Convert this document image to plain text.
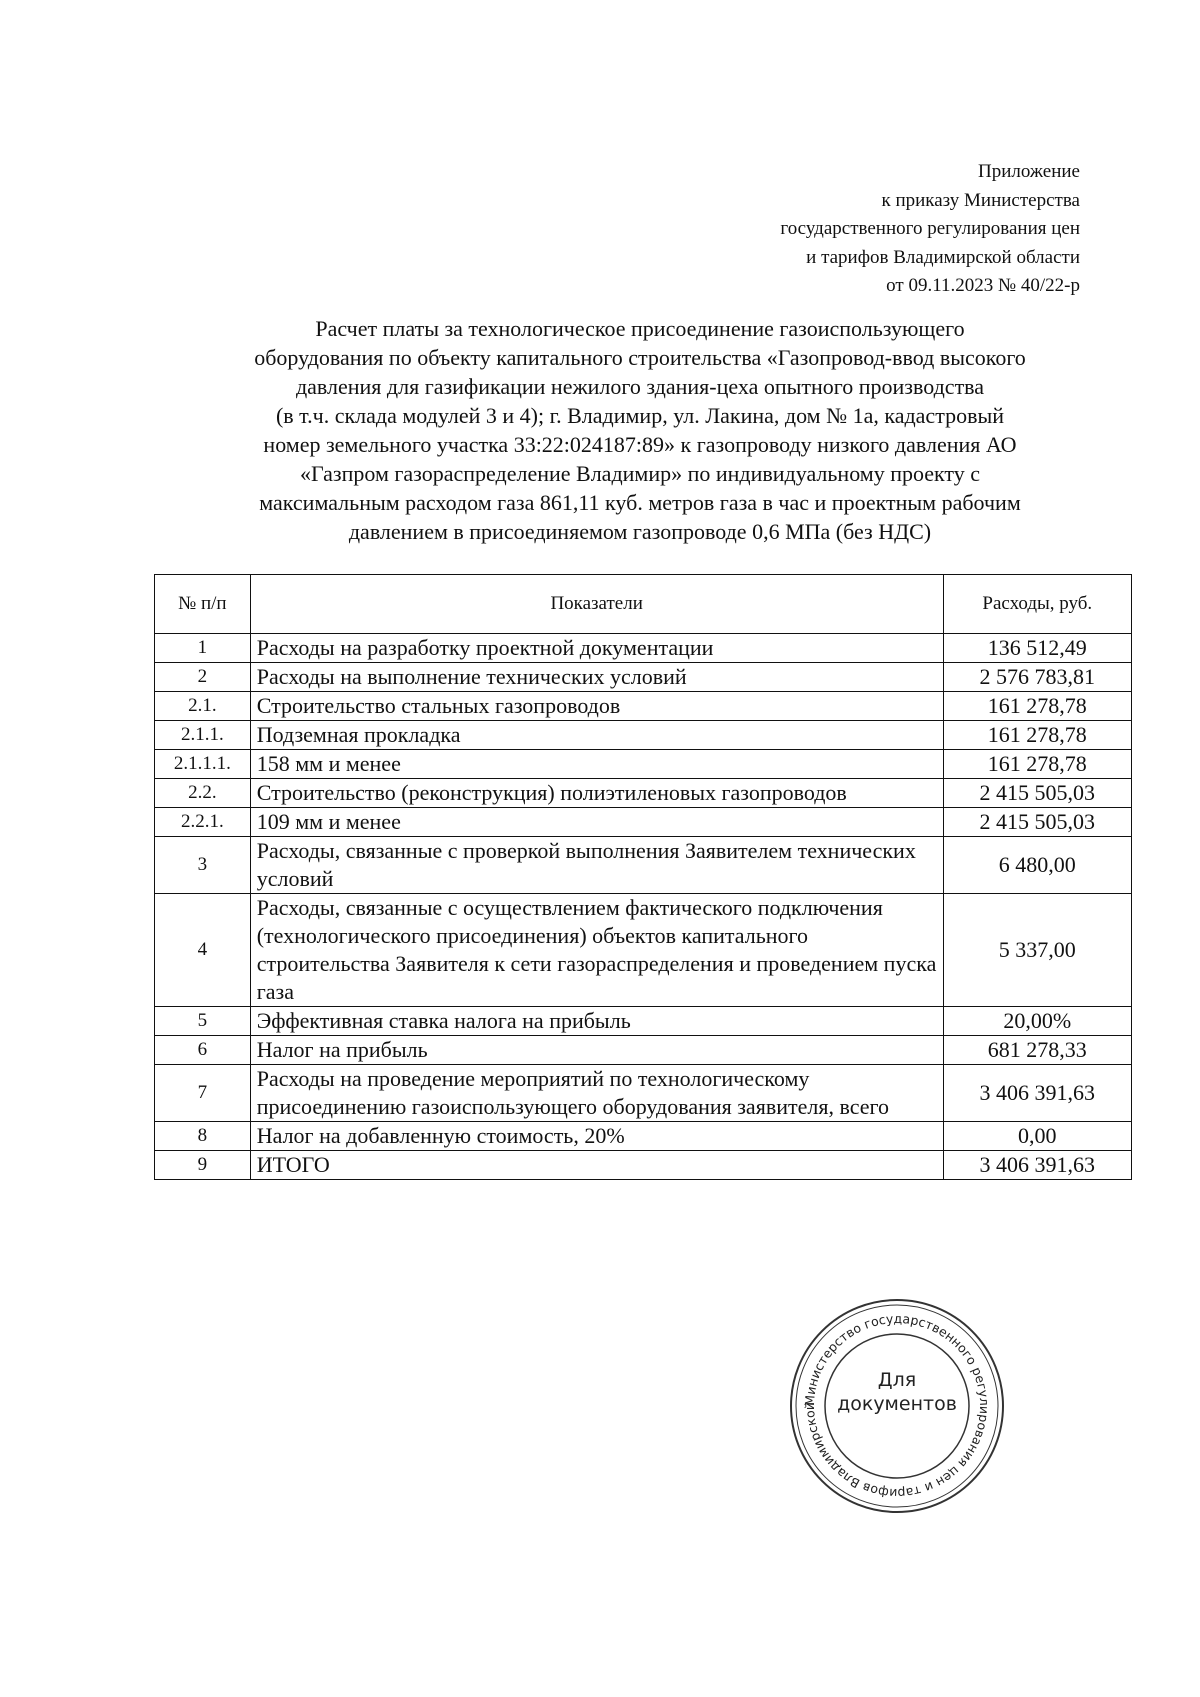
Приложение
к приказу Министерства
государственного регулирования цен
и тарифов Владимирской области
от 09.11.2023 № 40/22-р
Расчет платы за технологическое присоединение газоиспользующего
оборудования по объекту капитального строительства «Газопровод-ввод высокого
давления для газификации нежилого здания-цеха опытного производства
(в т.ч. склада модулей 3 и 4); г. Владимир, ул. Лакина, дом № 1а, кадастровый
номер земельного участка 33:22:024187:89» к газопроводу низкого давления АО
«Газпром газораспределение Владимир» по индивидуальному проекту с
максимальным расходом газа 861,11 куб. метров газа в час и проектным рабочим
давлением в присоединяемом газопроводе 0,6 МПа (без НДС)
№ п/п	Показатели	Расходы, руб.
1	Расходы на разработку проектной документации	136 512,49
2	Расходы на выполнение технических условий	2 576 783,81
2.1.	Строительство стальных газопроводов	161 278,78
2.1.1.	Подземная прокладка	161 278,78
2.1.1.1.	158 мм и менее	161 278,78
2.2.	Строительство (реконструкция) полиэтиленовых газопроводов	2 415 505,03
2.2.1.	109 мм и менее	2 415 505,03
3	Расходы, связанные с проверкой выполнения Заявителем технических условий	6 480,00
4	Расходы, связанные с осуществлением фактического подключения (технологического присоединения) объектов капитального строительства Заявителя к сети газораспределения и проведением пуска газа	5 337,00
5	Эффективная ставка налога на прибыль	20,00%
6	Налог на прибыль	681 278,33
7	Расходы на проведение мероприятий по технологическому присоединению газоиспользующего оборудования заявителя, всего	3 406 391,63
8	Налог на добавленную стоимость, 20%	0,00
9	ИТОГО	3 406 391,63
Министерство государственного регулирования цен и тарифов Владимирской
Для
документов
